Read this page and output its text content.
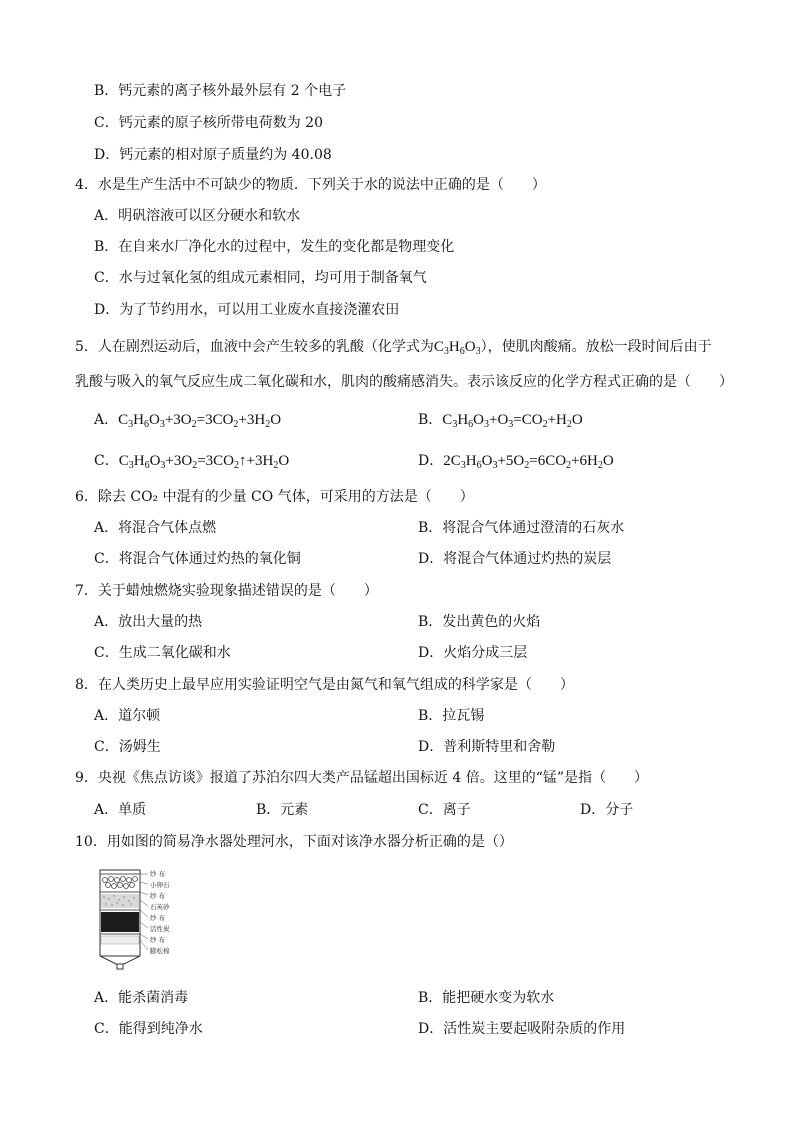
B．钙元素的离子核外最外层有 2 个电子
C．钙元素的原子核所带电荷数为 20
D．钙元素的相对原子质量约为 40.08
4．水是生产生活中不可缺少的物质．下列关于水的说法中正确的是（　　）
A．明矾溶液可以区分硬水和软水
B．在自来水厂净化水的过程中，发生的变化都是物理变化
C．水与过氧化氢的组成元素相同，均可用于制备氧气
D．为了节约用水，可以用工业废水直接浇灌农田
5．人在剧烈运动后，血液中会产生较多的乳酸（化学式为$C_3H_6O_3$），使肌肉酸痛。放松一段时间后由于
乳酸与吸入的氧气反应生成二氧化碳和水，肌肉的酸痛感消失。表示该反应的化学方程式正确的是（　　）
A．$C_3H_6O_3+3O_2=3CO_2+3H_2O$	B．$C_3H_6O_3+O_3=CO_2+H_2O$
C．$C_3H_6O_3+3O_2=3CO_2↑+3H_2O$	D．$2C_3H_6O_3+5O_2=6CO_2+6H_2O$
6．除去 CO₂ 中混有的少量 CO 气体，可采用的方法是（　　）
A．将混合气体点燃	B．将混合气体通过澄清的石灰水
C．将混合气体通过灼热的氧化铜	D．将混合气体通过灼热的炭层
7．关于蜡烛燃烧实验现象描述错误的是（　　）
A．放出大量的热	B．发出黄色的火焰
C．生成二氧化碳和水	D．火焰分成三层
8．在人类历史上最早应用实验证明空气是由氮气和氧气组成的科学家是（　　）
A．道尔顿	B．拉瓦锡
C．汤姆生	D．普利斯特里和舍勒
9．央视《焦点访谈》报道了苏泊尔四大类产品锰超出国标近 4 倍。这里的“锰”是指（　　）
A．单质	B．元素	C．离子	D．分子
10．用如图的简易净水器处理河水，下面对该净水器分析正确的是（）
纱 布
小卵石
纱 布
石英砂
纱 布
活性炭
纱 布
膨松棉
A．能杀菌消毒	B．能把硬水变为软水
C．能得到纯净水	D．活性炭主要起吸附杂质的作用
